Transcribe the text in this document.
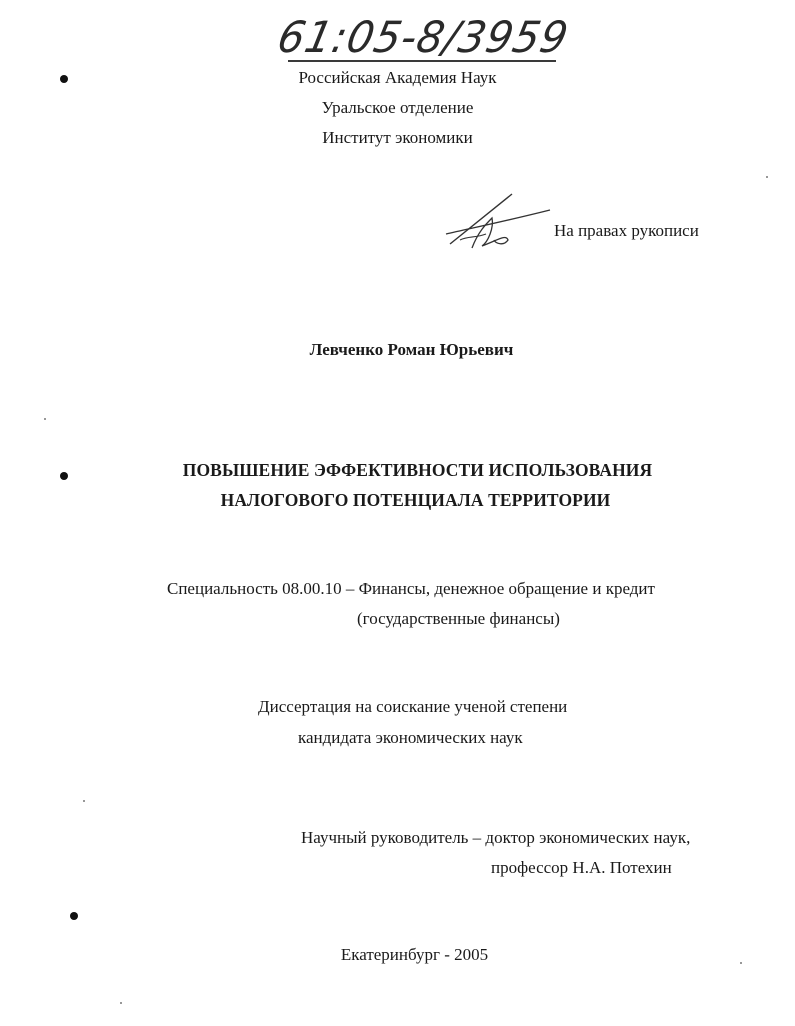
61:05-8/3959
Российская Академия Наук
Уральское отделение
Институт экономики
На правах рукописи
Левченко Роман Юрьевич
ПОВЫШЕНИЕ ЭФФЕКТИВНОСТИ ИСПОЛЬЗОВАНИЯ
НАЛОГОВОГО ПОТЕНЦИАЛА ТЕРРИТОРИИ
Специальность 08.00.10 – Финансы, денежное обращение и кредит
(государственные финансы)
Диссертация на соискание ученой степени
кандидата экономических наук
Научный руководитель – доктор экономических наук,
профессор Н.А. Потехин
Екатеринбург - 2005
